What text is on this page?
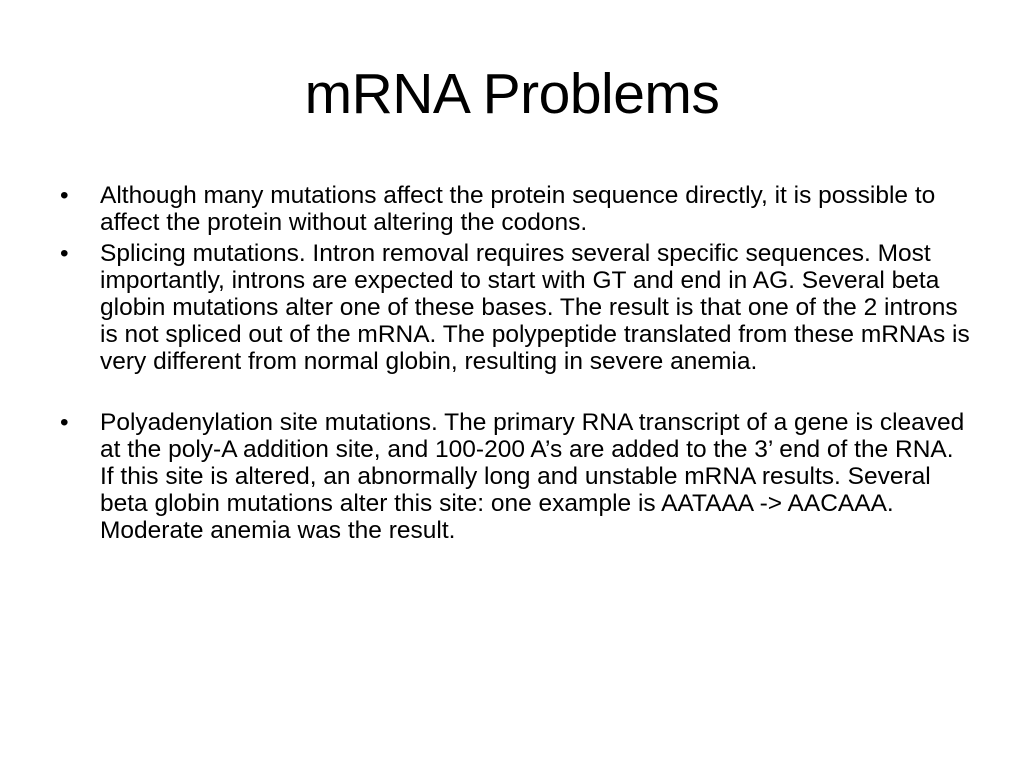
mRNA Problems
•	Although many mutations affect the protein sequence directly, it is possible to affect the protein without altering the codons.
•	Splicing mutations. Intron removal requires several specific sequences. Most importantly, introns are expected to start with GT and end in AG. Several beta globin mutations alter one of these bases. The result is that one of the 2 introns is not spliced out of the mRNA. The polypeptide translated from these mRNAs is very different from normal globin, resulting in severe anemia.
•	Polyadenylation site mutations. The primary RNA transcript of a gene is cleaved at the poly-A addition site, and 100-200 A’s are added to the 3’ end of the RNA. If this site is altered, an abnormally long and unstable mRNA results. Several beta globin mutations alter this site: one example is AATAAA -> AACAAA. Moderate anemia was the result.
